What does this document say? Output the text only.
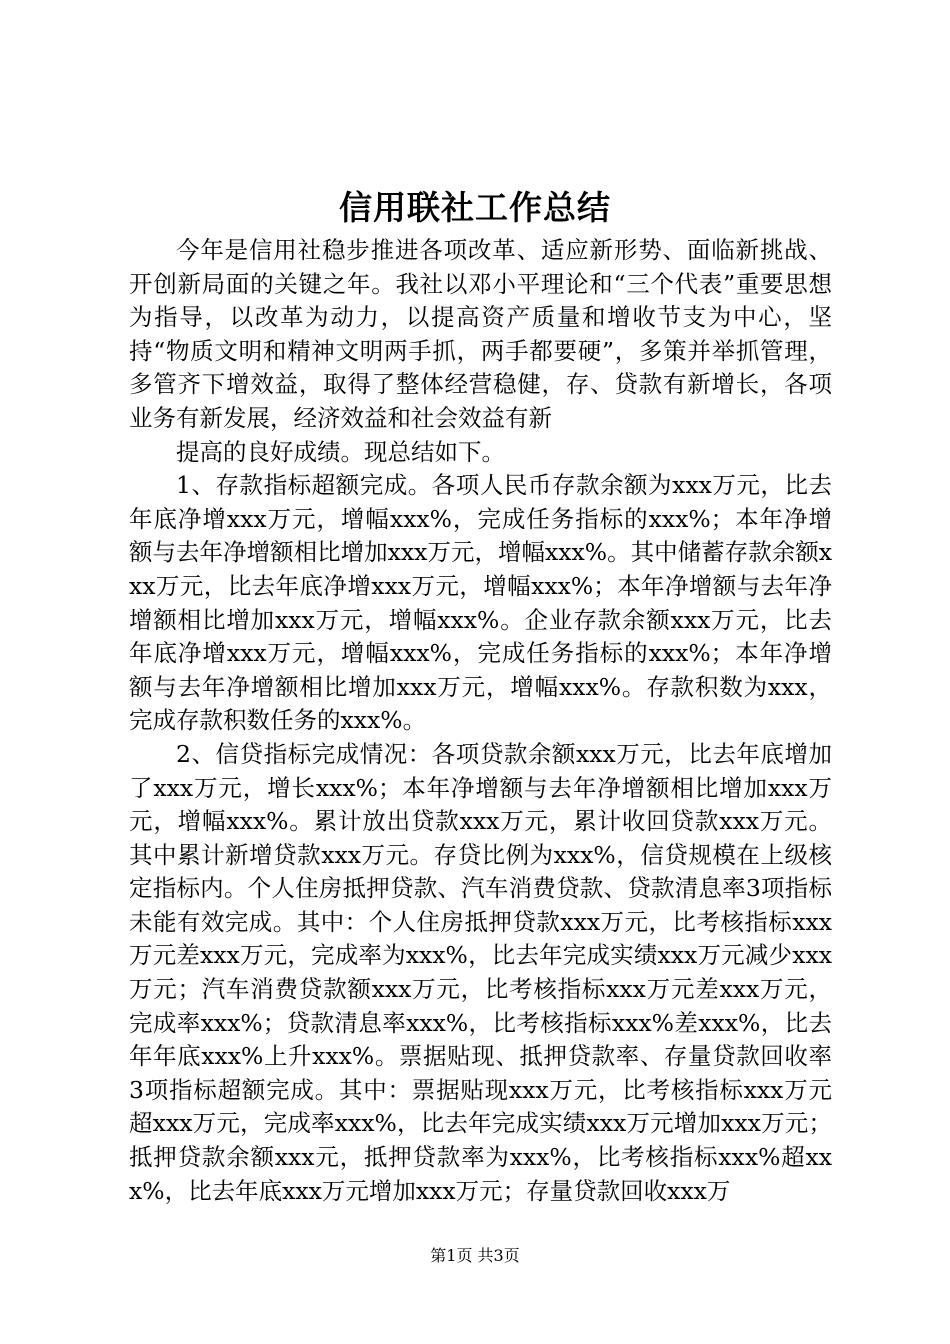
信用联社工作总结

今年是信用社稳步推进各项改革、适应新形势、面临新挑战、开创新局面的关键之年。我社以邓小平理论和“三个代表”重要思想为指导，以改革为动力，以提高资产质量和增收节支为中心，坚持“物质文明和精神文明两手抓，两手都要硬”，多策并举抓管理，多管齐下增效益，取得了整体经营稳健，存、贷款有新增长，各项业务有新发展，经济效益和社会效益有新

提高的良好成绩。现总结如下。

1、存款指标超额完成。各项人民币存款余额为xxx万元，比去年底净增xxx万元，增幅xxx%，完成任务指标的xxx%；本年净增额与去年净增额相比增加xxx万元，增幅xxx%。其中储蓄存款余额xxx万元，比去年底净增xxx万元，增幅xxx%；本年净增额与去年净增额相比增加xxx万元，增幅xxx%。企业存款余额xxx万元，比去年底净增xxx万元，增幅xxx%，完成任务指标的xxx%；本年净增额与去年净增额相比增加xxx万元，增幅xxx%。存款积数为xxx，完成存款积数任务的xxx%。

2、信贷指标完成情况：各项贷款余额xxx万元，比去年底增加了xxx万元，增长xxx%；本年净增额与去年净增额相比增加xxx万元，增幅xxx%。累计放出贷款xxx万元，累计收回贷款xxx万元。其中累计新增贷款xxx万元。存贷比例为xxx%，信贷规模在上级核定指标内。个人住房抵押贷款、汽车消费贷款、贷款清息率3项指标未能有效完成。其中：个人住房抵押贷款xxx万元，比考核指标xxx万元差xxx万元，完成率为xxx%，比去年完成实绩xxx万元减少xxx万元；汽车消费贷款额xxx万元，比考核指标xxx万元差xxx万元，完成率xxx%；贷款清息率xxx%，比考核指标xxx%差xxx%，比去年年底xxx%上升xxx%。票据贴现、抵押贷款率、存量贷款回收率3项指标超额完成。其中：票据贴现xxx万元，比考核指标xxx万元超xxx万元，完成率xxx%，比去年完成实绩xxx万元增加xxx万元；抵押贷款余额xxx元，抵押贷款率为xxx%，比考核指标xxx%超xxx%，比去年底xxx万元增加xxx万元；存量贷款回收xxx万

第1页 共3页
